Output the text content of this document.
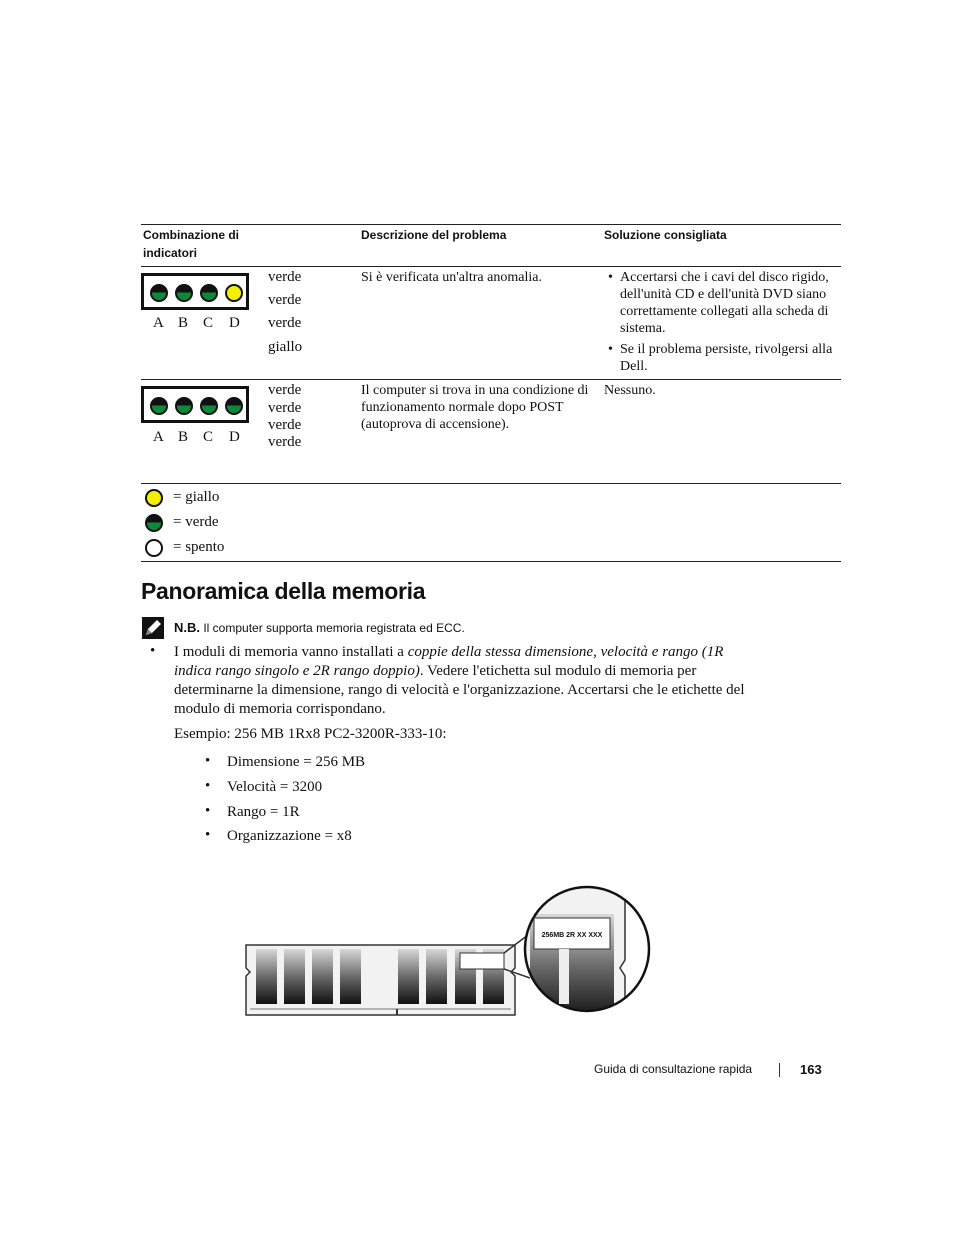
Combinazione di indicatori
Descrizione del problema	Soluzione consigliata
A B C D
verde
verde
verde
giallo
Si è verificata un'altra anomalia.
•	Accertarsi che i cavi del disco rigido, dell'unità CD e dell'unità DVD siano correttamente collegati alla scheda di sistema.
• Se il problema persiste, rivolgersi alla Dell.
A B C D
verde
verde
verde
verde
Il computer si trova in una condizione di funzionamento normale dopo POST (autoprova di accensione).
Nessuno.
= giallo
= verde
= spento
Panoramica della memoria
N.B. Il computer supporta memoria registrata ed ECC.
• I moduli di memoria vanno installati a coppie della stessa dimensione, velocità e rango (1R indica rango singolo e 2R rango doppio). Vedere l'etichetta sul modulo di memoria per determinarne la dimensione, rango di velocità e l'organizzazione. Accertarsi che le etichette del modulo di memoria corrispondano.
Esempio: 256 MB 1Rx8 PC2-3200R-333-10:
• Dimensione = 256 MB
• Velocità = 3200
• Rango = 1R
• Organizzazione = x8
256MB 2R XX XXX
Guida di consultazione rapida	163
